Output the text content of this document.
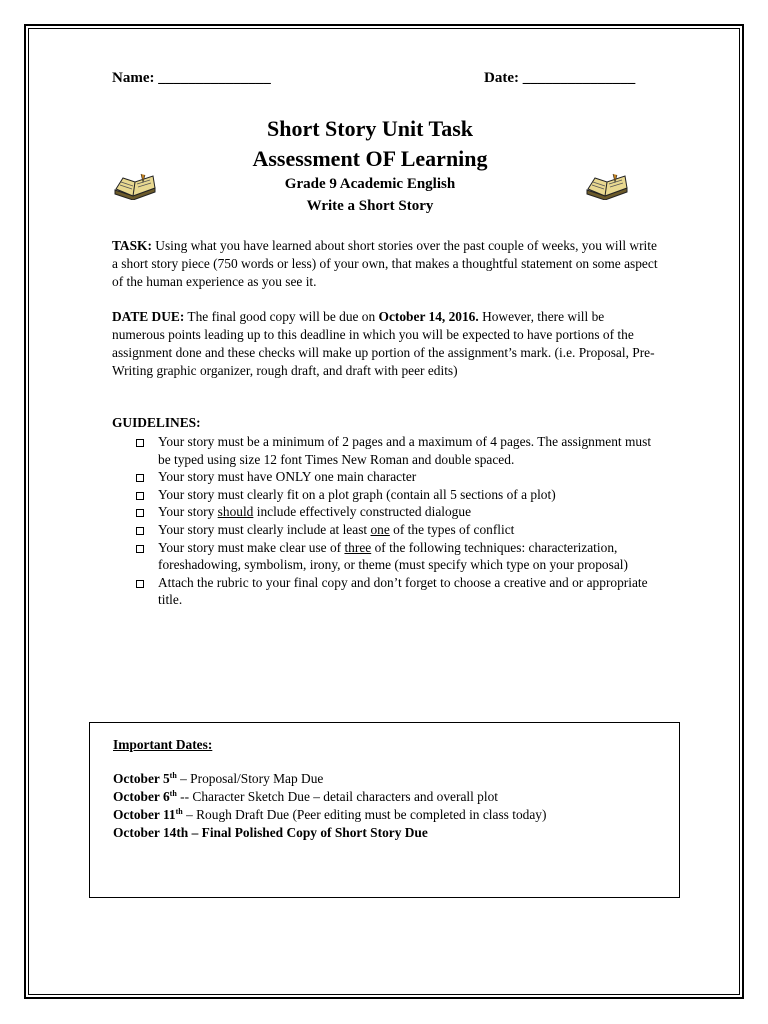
Name: _______________	Date: _______________
Short Story Unit Task
Assessment OF Learning
Grade 9 Academic English
Write a Short Story
TASK: Using what you have learned about short stories over the past couple of weeks, you will write a short story piece (750 words or less) of your own, that makes a thoughtful statement on some aspect of the human experience as you see it.
DATE DUE: The final good copy will be due on October 14, 2016. However, there will be numerous points leading up to this deadline in which you will be expected to have portions of the assignment done and these checks will make up portion of the assignment’s mark. (i.e. Proposal, Pre-Writing graphic organizer, rough draft, and draft with peer edits)
GUIDELINES:
Your story must be a minimum of 2 pages and a maximum of 4 pages. The assignment must be typed using size 12 font Times New Roman and double spaced.
Your story must have ONLY one main character
Your story must clearly fit on a plot graph (contain all 5 sections of a plot)
Your story should include effectively constructed dialogue
Your story must clearly include at least one of the types of conflict
Your story must make clear use of three of the following techniques: characterization, foreshadowing, symbolism, irony, or theme (must specify which type on your proposal)
Attach the rubric to your final copy and don’t forget to choose a creative and or appropriate title.
Important Dates:
October 5th – Proposal/Story Map Due
October 6th -- Character Sketch Due – detail characters and overall plot
October 11th – Rough Draft Due (Peer editing must be completed in class today)
October 14th – Final Polished Copy of Short Story Due
